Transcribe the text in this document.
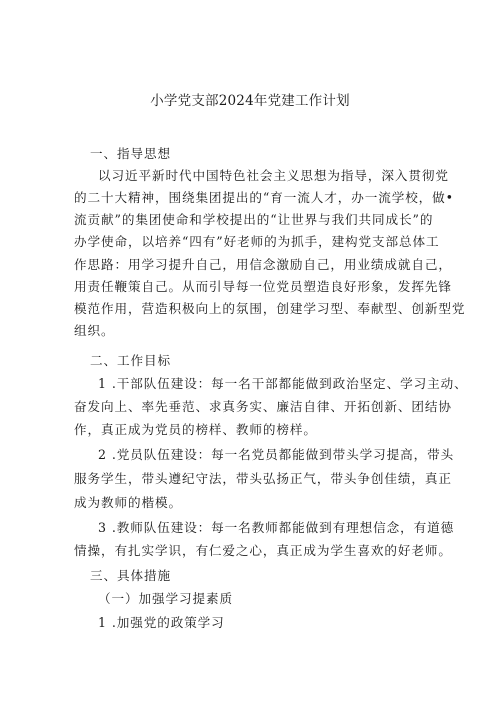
小学党支部2024年党建工作计划
一、指导思想
以习近平新时代中国特色社会主义思想为指导，深入贯彻党
的二十大精神，围绕集团提出的“育一流人才，办一流学校，做•
流贡献”的集团使命和学校提出的“让世界与我们共同成长”的
办学使命，以培养“四有”好老师的为抓手，建构党支部总体工
作思路：用学习提升自己，用信念激励自己，用业绩成就自己，
用责任鞭策自己。从而引导每一位党员塑造良好形象，发挥先锋
模范作用，营造积极向上的氛围，创建学习型、奉献型、创新型党
组织。
二、工作目标
1 .干部队伍建设：每一名干部都能做到政治坚定、学习主动、
奋发向上、率先垂范、求真务实、廉洁自律、开拓创新、团结协
作，真正成为党员的榜样、教师的榜样。
2 .党员队伍建设：每一名党员都能做到带头学习提高，带头
服务学生，带头遵纪守法，带头弘扬正气，带头争创佳绩，真正
成为教师的楷模。
3 .教师队伍建设：每一名教师都能做到有理想信念，有道德
情操，有扎实学识，有仁爱之心，真正成为学生喜欢的好老师。
三、具体措施
（一）加强学习提素质
1 .加强党的政策学习
